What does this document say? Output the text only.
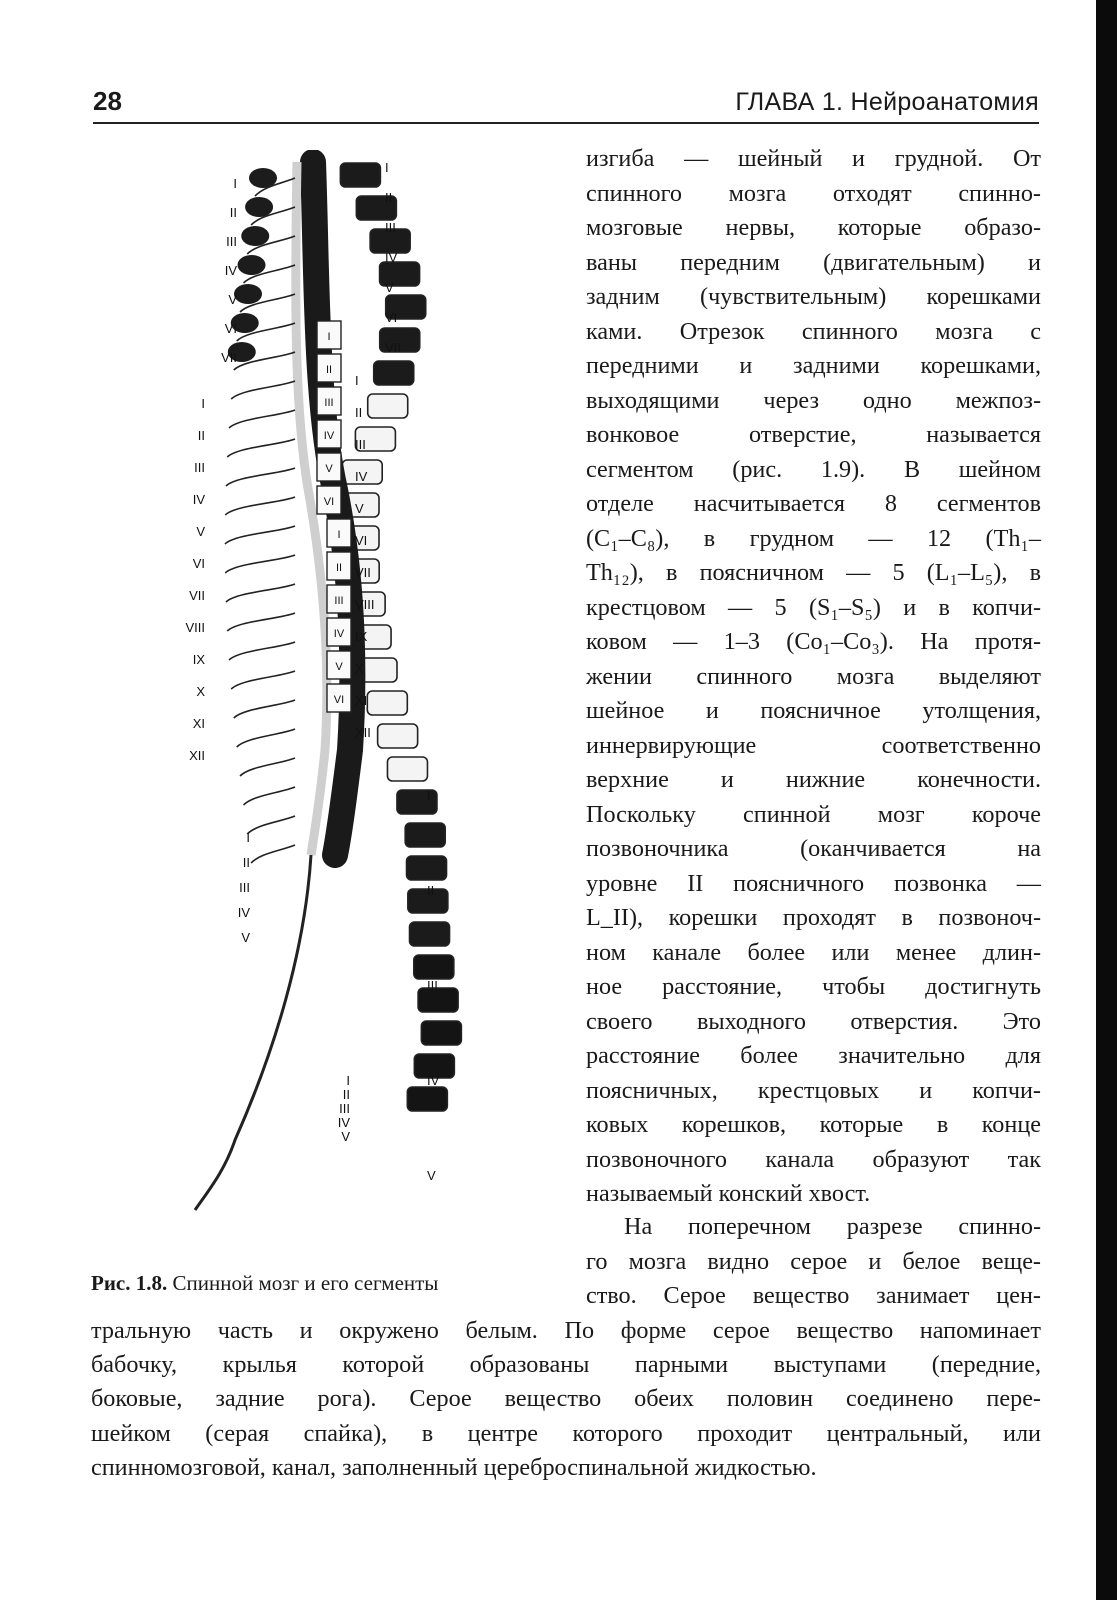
28	ГЛАВА 1. Нейроанатомия
I
II
III
IV
V
VI
I
II
III
IV
V
VI
I
II
III
IV
V
VI
VII
I
II
III
IV
V
VI
VII
VIII
IX
X
XI
XII
I
II
III
IV
V
I
II
III
IV
V
VI
VII
I
II
III
IV
V
VI
VII
VIII
IX
X
XI
XII
I
II
III
IV
V
I
II
III
IV
V
Рис. 1.8. Спинной мозг и его сегменты
изгиба — шейный и грудной. От
спинного мозга отходят спинно-
мозговые нервы, которые образо-
ваны передним (двигательным) и
задним (чувствительным) корешками
ками. Отрезок спинного мозга с
передними и задними корешками,
выходящими через одно межпоз-
вонковое отверстие, называется
сегментом (рис. 1.9). В шейном
отделе насчитывается 8 сегментов
(C₁–C₈), в грудном — 12 (Th₁–
Th₁₂), в поясничном — 5 (L₁–L₅), в
крестцовом — 5 (S₁–S₅) и в копчи-
ковом — 1–3 (Co₁–Co₃). На протя-
жении спинного мозга выделяют
шейное и поясничное утолщения,
иннервирующие соответственно
верхние и нижние конечности.
Поскольку спинной мозг короче
позвоночника (оканчивается на
уровне II поясничного позвонка —
L_II), корешки проходят в позвоноч-
ном канале более или менее длин-
ное расстояние, чтобы достигнуть
своего выходного отверстия. Это
расстояние более значительно для
поясничных, крестцовых и копчи-
ковых корешков, которые в конце
позвоночного канала образуют так
называемый конский хвост.
На поперечном разрезе спинно-
го мозга видно серое и белое веще-
ство. Серое вещество занимает цен-
тральную часть и окружено белым. По форме серое вещество напоминает
бабочку, крылья которой образованы парными выступами (передние,
боковые, задние рога). Серое вещество обеих половин соединено пере-
шейком (серая спайка), в центре которого проходит центральный, или
спинномозговой, канал, заполненный цереброспинальной жидкостью.
